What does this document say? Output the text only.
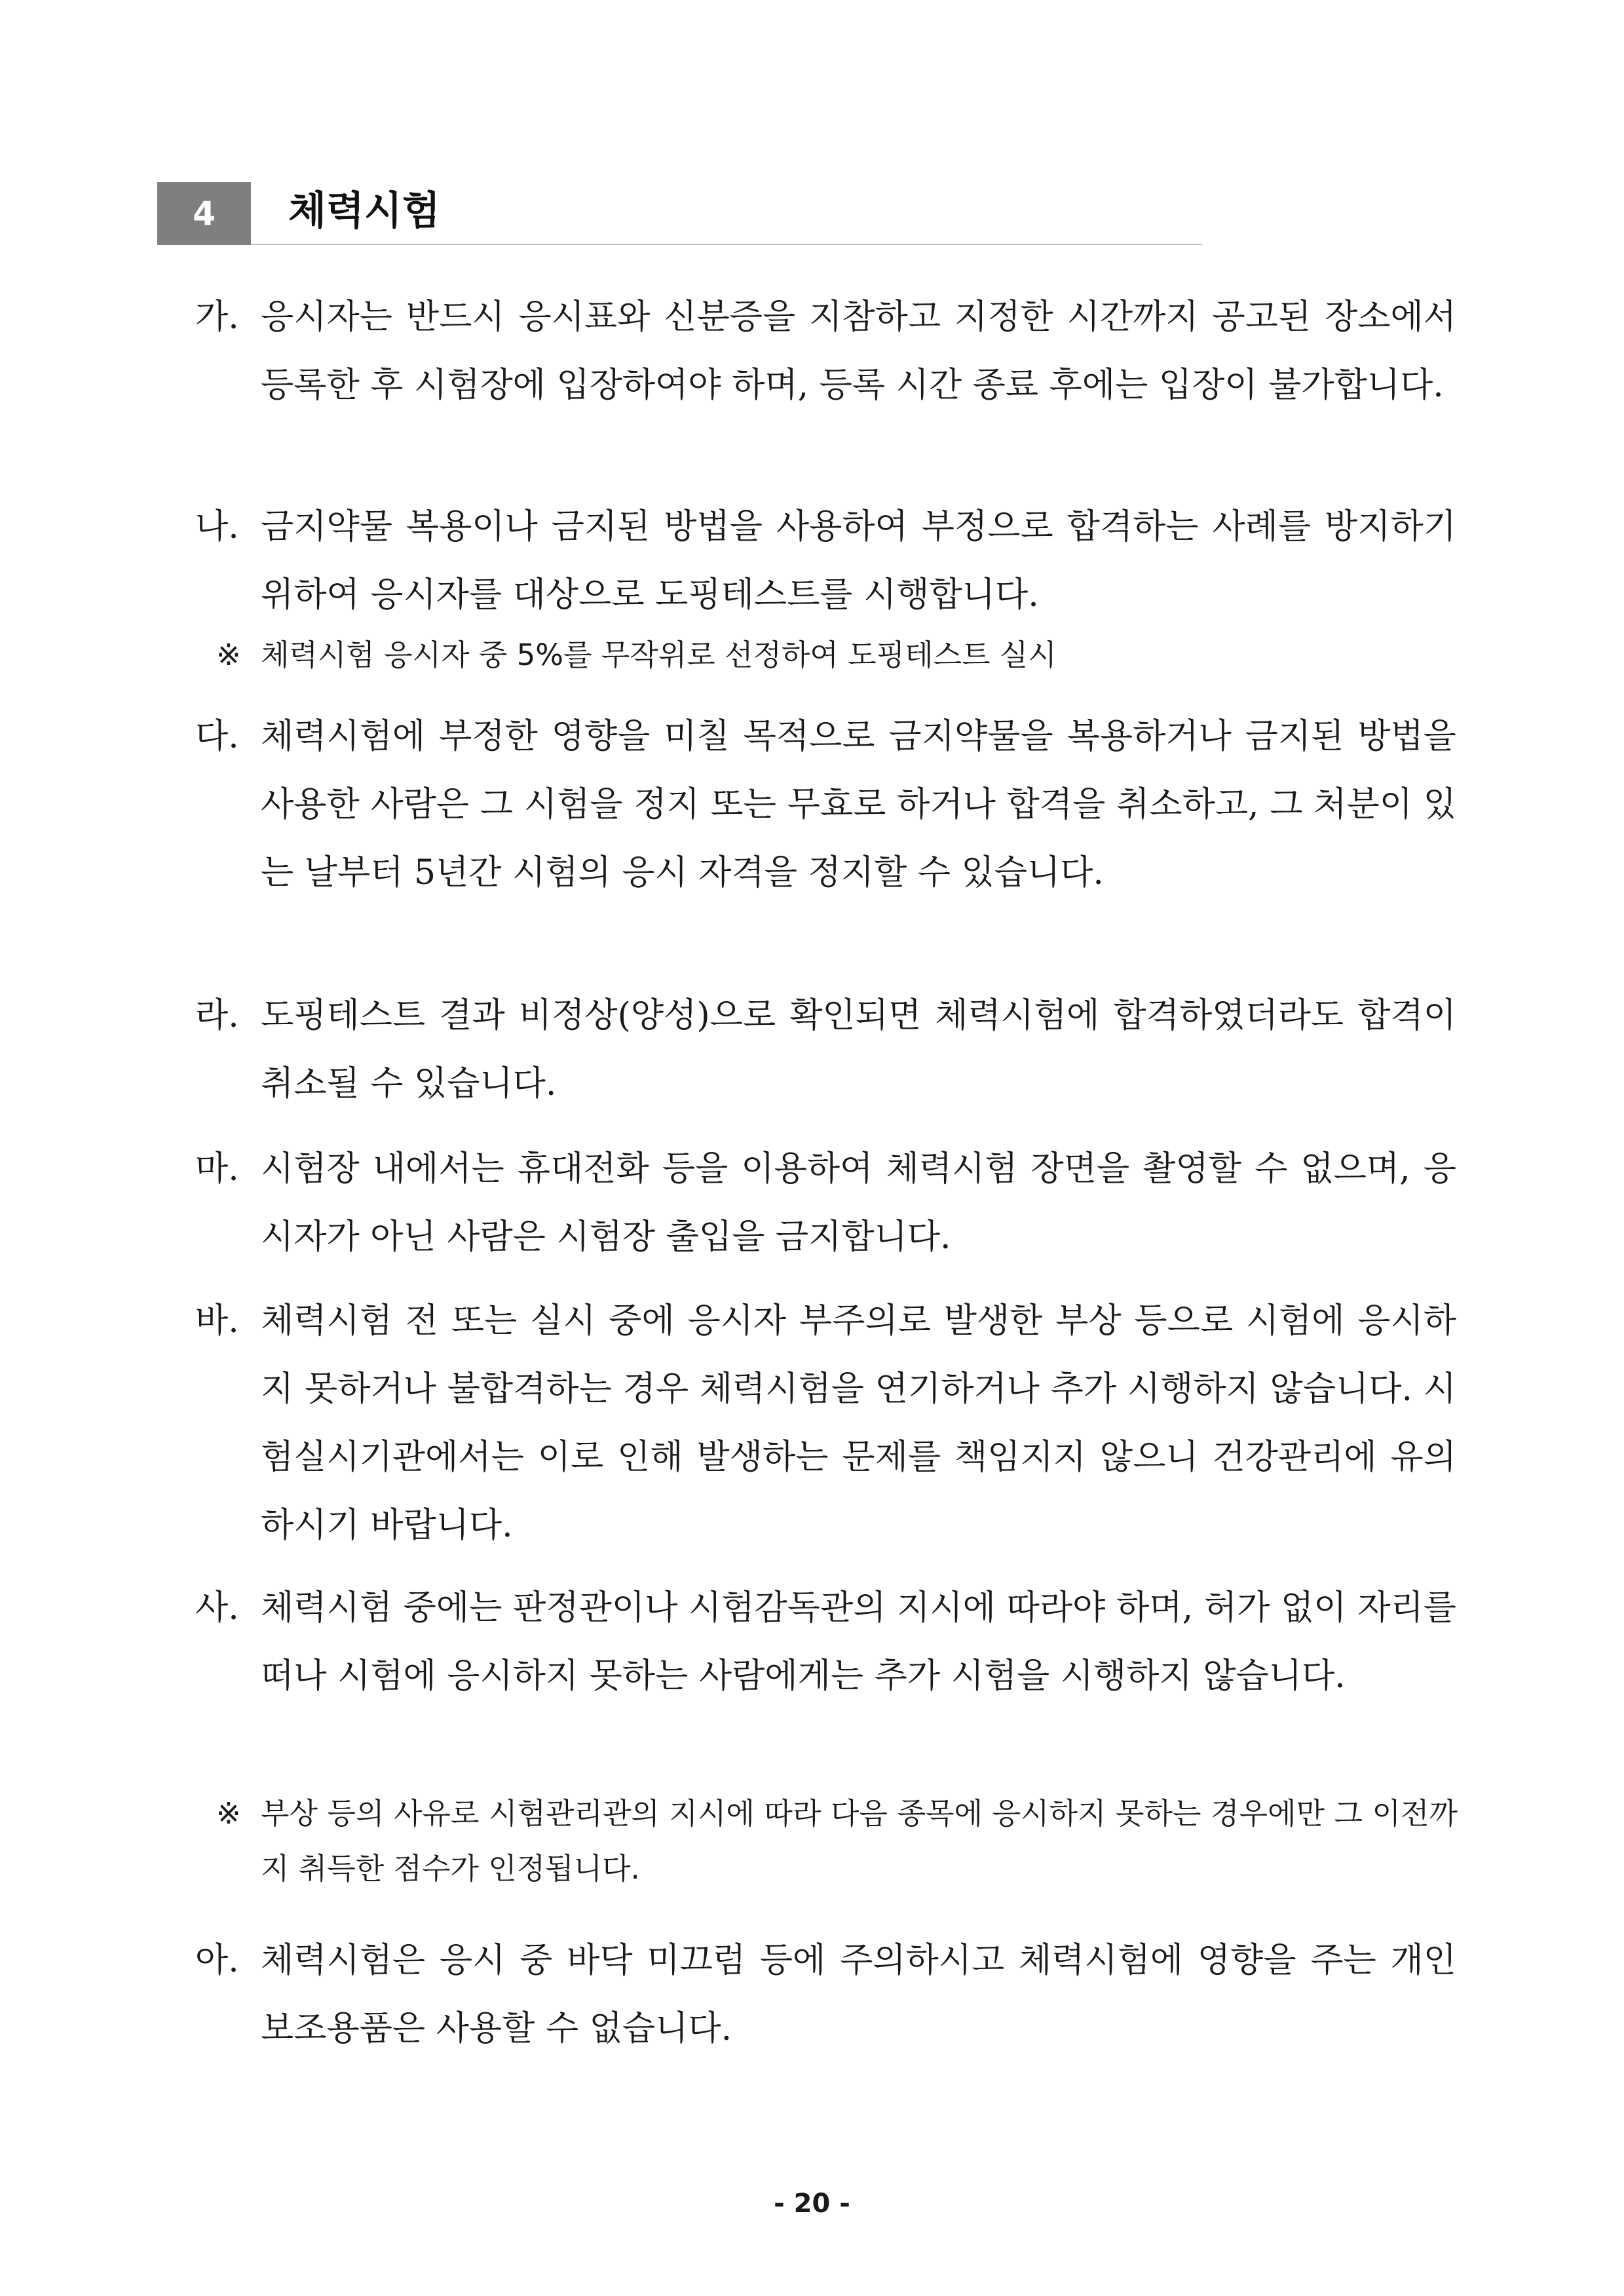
4	체력시험
가. 응시자는 반드시 응시표와 신분증을 지참하고 지정한 시간까지 공고된 장소에서 등록한 후 시험장에 입장하여야 하며, 등록 시간 종료 후에는 입장이 불가합니다.
나. 금지약물 복용이나 금지된 방법을 사용하여 부정으로 합격하는 사례를 방지하기 위하여 응시자를 대상으로 도핑테스트를 시행합니다.
※ 체력시험 응시자 중 5%를 무작위로 선정하여 도핑테스트 실시
다. 체력시험에 부정한 영향을 미칠 목적으로 금지약물을 복용하거나 금지된 방법을 사용한 사람은 그 시험을 정지 또는 무효로 하거나 합격을 취소하고, 그 처분이 있는 날부터 5년간 시험의 응시 자격을 정지할 수 있습니다.
라. 도핑테스트 결과 비정상(양성)으로 확인되면 체력시험에 합격하였더라도 합격이 취소될 수 있습니다.
마. 시험장 내에서는 휴대전화 등을 이용하여 체력시험 장면을 촬영할 수 없으며, 응시자가 아닌 사람은 시험장 출입을 금지합니다.
바. 체력시험 전 또는 실시 중에 응시자 부주의로 발생한 부상 등으로 시험에 응시하지 못하거나 불합격하는 경우 체력시험을 연기하거나 추가 시행하지 않습니다. 시험실시기관에서는 이로 인해 발생하는 문제를 책임지지 않으니 건강관리에 유의하시기 바랍니다.
사. 체력시험 중에는 판정관이나 시험감독관의 지시에 따라야 하며, 허가 없이 자리를 떠나 시험에 응시하지 못하는 사람에게는 추가 시험을 시행하지 않습니다.
※ 부상 등의 사유로 시험관리관의 지시에 따라 다음 종목에 응시하지 못하는 경우에만 그 이전까지 취득한 점수가 인정됩니다.
아. 체력시험은 응시 중 바닥 미끄럼 등에 주의하시고 체력시험에 영향을 주는 개인 보조용품은 사용할 수 없습니다.
- 20 -
